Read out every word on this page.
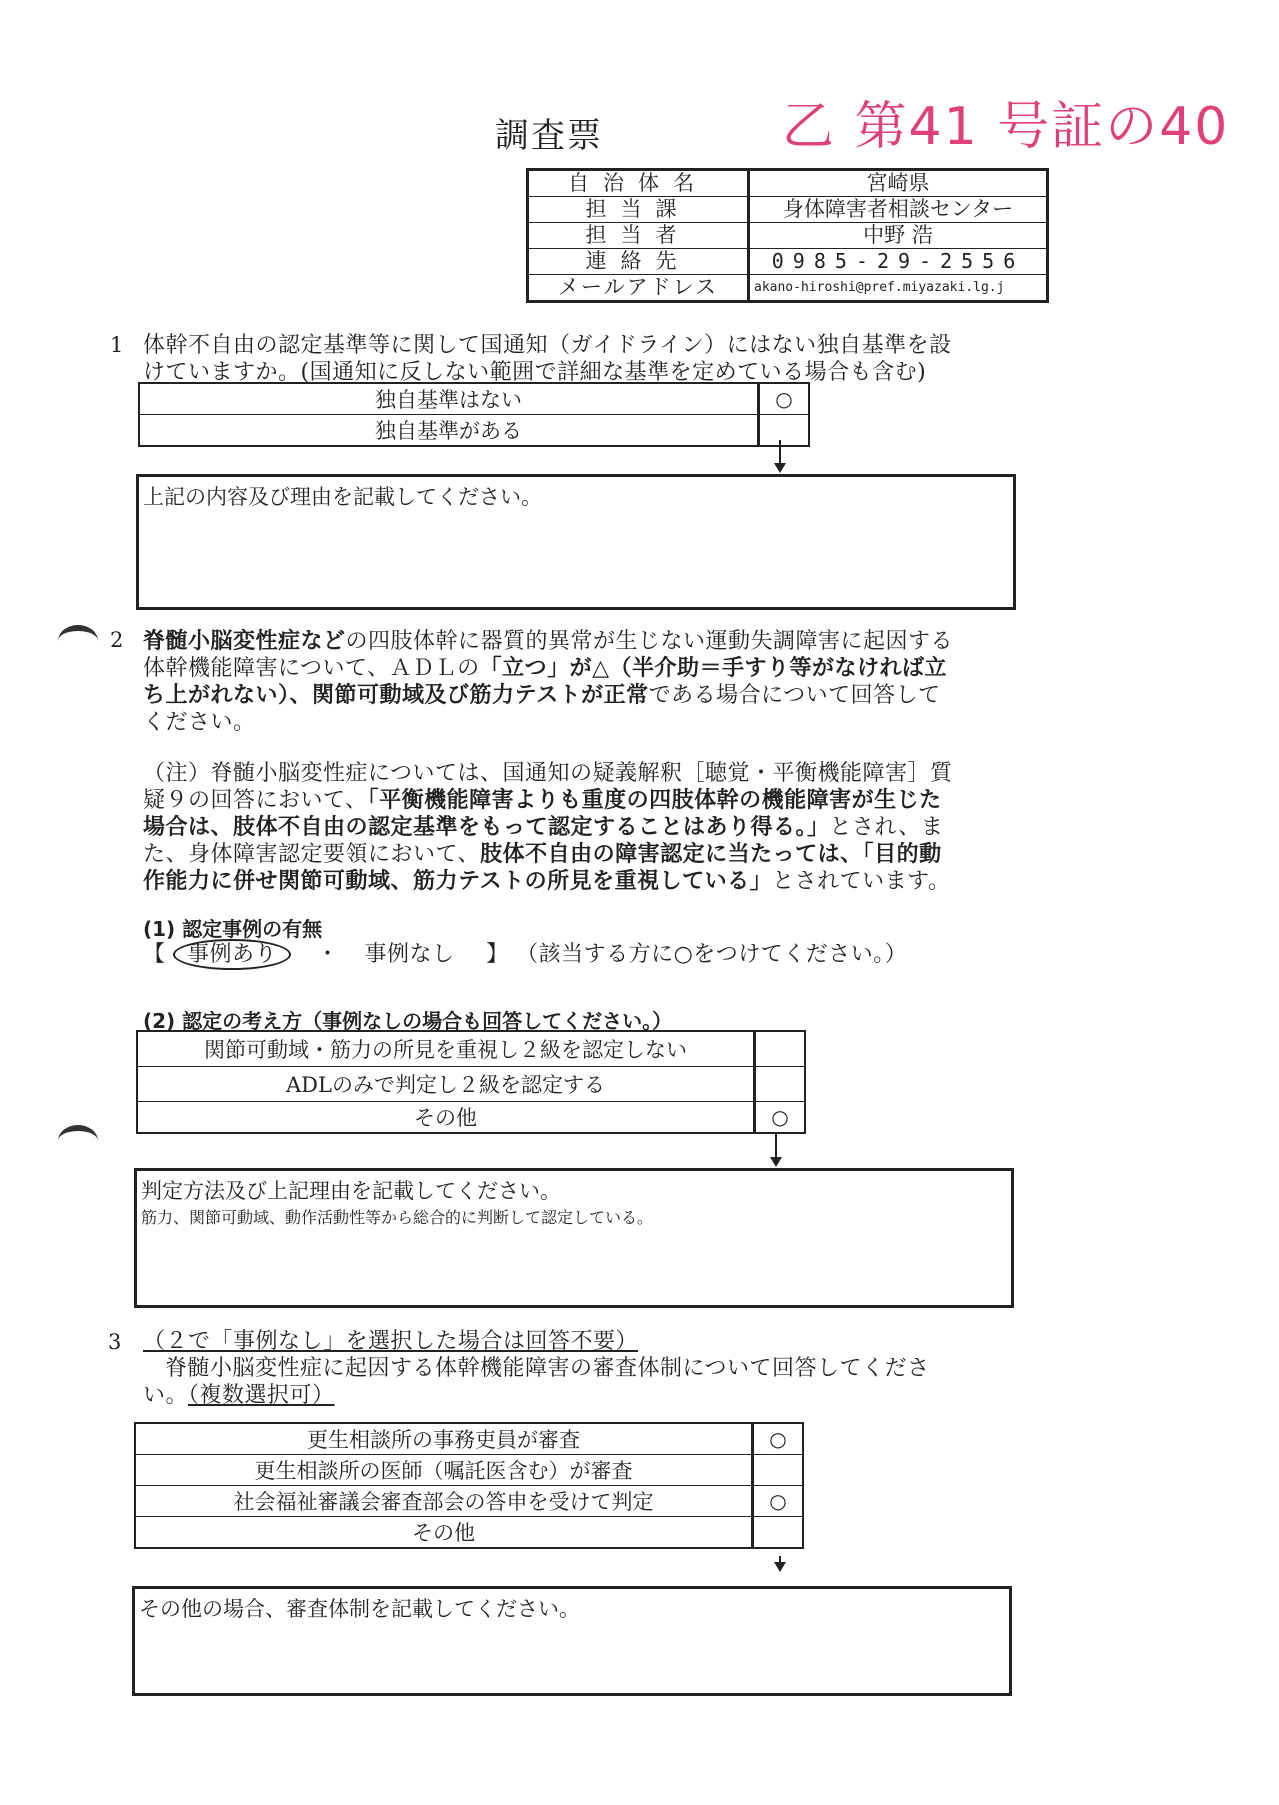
調査票	乙 第41 号証の40
自治体名	宮崎県
担当課	身体障害者相談センター
担当者	中野 浩
連絡先	0985-29-2556
メールアドレス	akano-hiroshi@pref.miyazaki.lg.j
1 体幹不自由の認定基準等に関して国通知（ガイドライン）にはない独自基準を設
けていますか。(国通知に反しない範囲で詳細な基準を定めている場合も含む)
独自基準はない	○
独自基準がある	
上記の内容及び理由を記載してください。
2 脊髄小脳変性症などの四肢体幹に器質的異常が生じない運動失調障害に起因する
体幹機能障害について、ＡＤＬの「立つ」が△（半介助＝手すり等がなければ立
ち上がれない）、関節可動域及び筋力テストが正常である場合について回答して
ください。
（注）脊髄小脳変性症については、国通知の疑義解釈［聴覚・平衡機能障害］質
疑９の回答において、「平衡機能障害よりも重度の四肢体幹の機能障害が生じた
場合は、肢体不自由の認定基準をもって認定することはあり得る。」とされ、ま
た、身体障害認定要領において、肢体不自由の障害認定に当たっては、「目的動
作能力に併せ関節可動域、筋力テストの所見を重視している」とされています。
(1) 認定事例の有無
【 事例あり ・ 事例なし 】 （該当する方に○をつけてください。）
(2) 認定の考え方（事例なしの場合も回答してください。）
関節可動域・筋力の所見を重視し２級を認定しない	
ADLのみで判定し２級を認定する	
その他	○
判定方法及び上記理由を記載してください。
筋力、関節可動域、動作活動性等から総合的に判断して認定している。
3 （２で「事例なし」を選択した場合は回答不要）
脊髄小脳変性症に起因する体幹機能障害の審査体制について回答してくださ
い。（複数選択可）
更生相談所の事務吏員が審査	○
更生相談所の医師（嘱託医含む）が審査	
社会福祉審議会審査部会の答申を受けて判定	○
その他	
その他の場合、審査体制を記載してください。
